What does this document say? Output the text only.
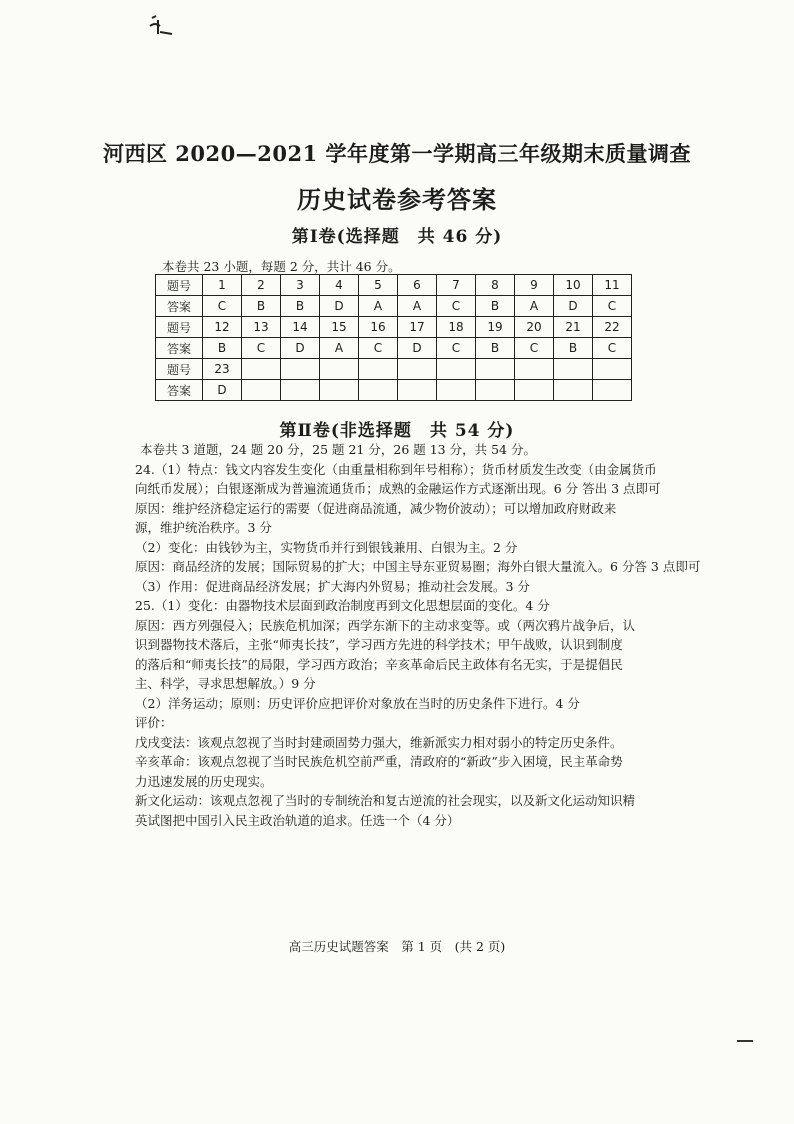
河西区 2020—2021 学年度第一学期高三年级期末质量调查
历史试卷参考答案
第Ⅰ卷(选择题　共 46 分)
本卷共 23 小题，每题 2 分，共计 46 分。
题号	1	2	3	4	5	6	7	8	9	10	11
答案	C	B	B	D	A	A	C	B	A	D	C
题号	12	13	14	15	16	17	18	19	20	21	22
答案	B	C	D	A	C	D	C	B	C	B	C
题号	23										
答案	D										
第Ⅱ卷(非选择题　共 54 分)

本卷共 3 道题，24 题 20 分，25 题 21 分，26 题 13 分，共 54 分。

24.（1）特点：钱文内容发生变化（由重量相称到年号相称）；货币材质发生改变（由金属货币

向纸币发展）；白银逐渐成为普遍流通货币；成熟的金融运作方式逐渐出现。6 分 答出 3 点即可

原因：维护经济稳定运行的需要（促进商品流通，减少物价波动）；可以增加政府财政来

源，维护统治秩序。3 分

（2）变化：由钱钞为主，实物货币并行到银钱兼用、白银为主。2 分

原因：商品经济的发展；国际贸易的扩大；中国主导东亚贸易圈；海外白银大量流入。6 分答 3 点即可

（3）作用：促进商品经济发展；扩大海内外贸易；推动社会发展。3 分

25.（1）变化：由器物技术层面到政治制度再到文化思想层面的变化。4 分

原因：西方列强侵入；民族危机加深；西学东渐下的主动求变等。或（两次鸦片战争后，认

识到器物技术落后，主张“师夷长技”，学习西方先进的科学技术；甲午战败，认识到制度

的落后和“师夷长技”的局限，学习西方政治；辛亥革命后民主政体有名无实，于是提倡民

主、科学，寻求思想解放。）9 分

（2）洋务运动；原则：历史评价应把评价对象放在当时的历史条件下进行。4 分

评价：

戊戌变法：该观点忽视了当时封建顽固势力强大，维新派实力相对弱小的特定历史条件。

辛亥革命：该观点忽视了当时民族危机空前严重，清政府的“新政”步入困境，民主革命势

力迅速发展的历史现实。

新文化运动：该观点忽视了当时的专制统治和复古逆流的社会现实，以及新文化运动知识精

英试图把中国引入民主政治轨道的追求。任选一个（4 分）

高三历史试题答案　第 1 页　(共 2 页)
